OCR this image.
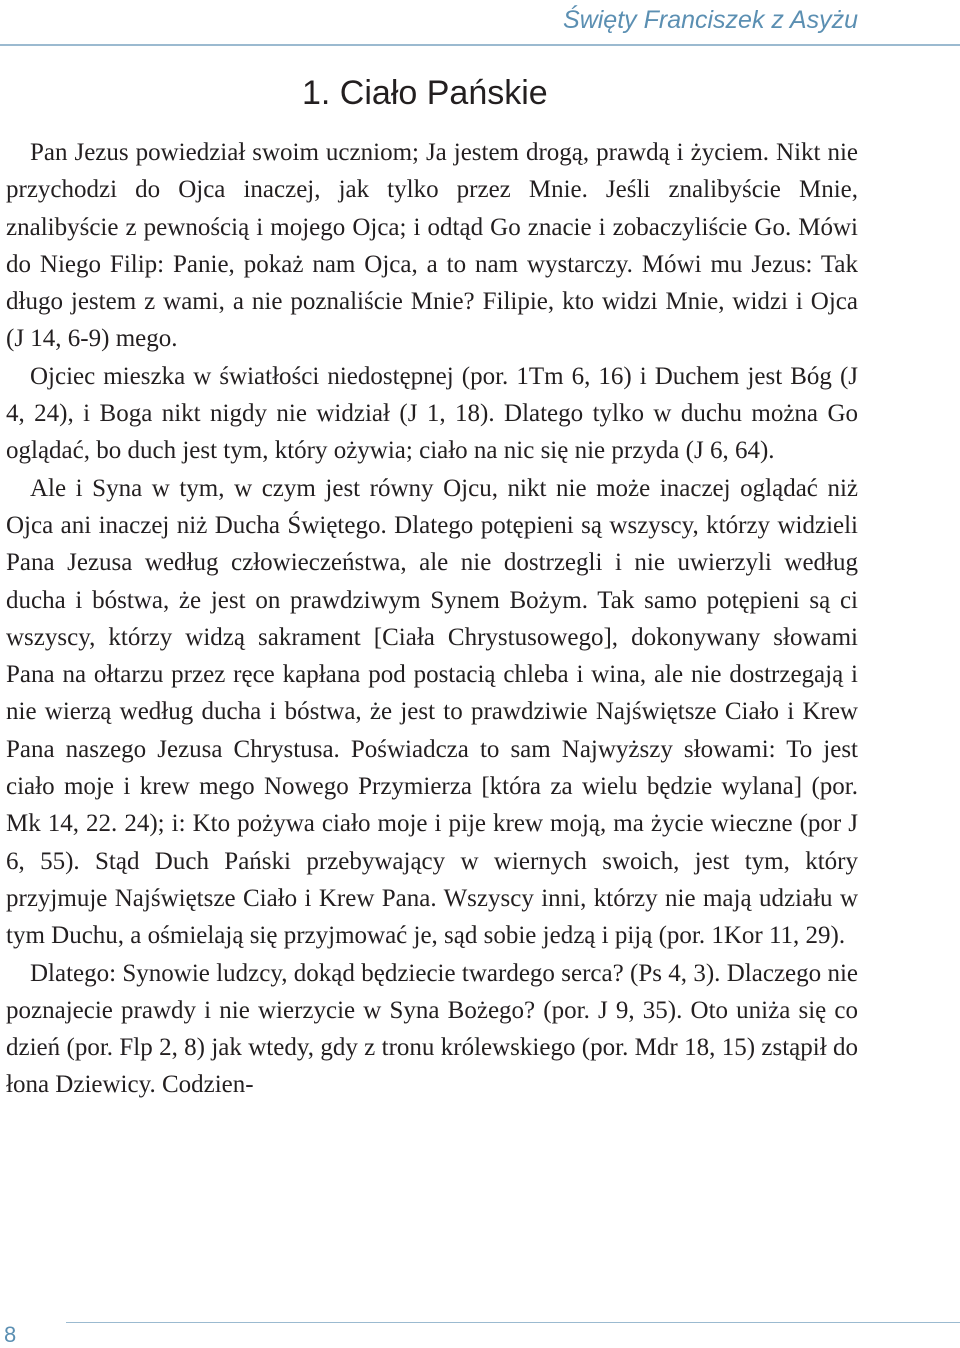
Święty Franciszek z Asyżu
1. Ciało Pańskie

Pan Jezus powiedział swoim uczniom; Ja jestem drogą, prawdą i życiem. Nikt nie przychodzi do Ojca inaczej, jak tylko przez Mnie. Jeśli znalibyście Mnie, znalibyście z pewnością i mojego Ojca; i odtąd Go znacie i zobaczyliście Go. Mówi do Niego Filip: Panie, pokaż nam Ojca, a to nam wystarczy. Mówi mu Jezus: Tak długo jestem z wami, a nie poznaliście Mnie? Filipie, kto widzi Mnie, widzi i Ojca (J 14, 6-9) mego.

Ojciec mieszka w światłości niedostępnej (por. 1Tm 6, 16) i Duchem jest Bóg (J 4, 24), i Boga nikt nigdy nie widział (J 1, 18). Dlatego tylko w duchu można Go oglądać, bo duch jest tym, który ożywia; ciało na nic się nie przyda (J 6, 64).

Ale i Syna w tym, w czym jest równy Ojcu, nikt nie może inaczej oglądać niż Ojca ani inaczej niż Ducha Świętego. Dlatego potępieni są wszyscy, którzy widzieli Pana Jezusa według człowieczeństwa, ale nie dostrzegli i nie uwierzyli według ducha i bóstwa, że jest on prawdziwym Synem Bożym. Tak samo potępieni są ci wszyscy, którzy widzą sakrament [Ciała Chrystusowego], dokonywany słowami Pana na ołtarzu przez ręce kapłana pod postacią chleba i wina, ale nie dostrzegają i nie wierzą według ducha i bóstwa, że jest to prawdziwie Najświętsze Ciało i Krew Pana naszego Jezusa Chrystusa. Poświadcza to sam Najwyższy słowami: To jest ciało moje i krew mego Nowego Przymierza [która za wielu będzie wylana] (por. Mk 14, 22. 24); i: Kto pożywa ciało moje i pije krew moją, ma życie wieczne (por J 6, 55). Stąd Duch Pański przebywający w wiernych swoich, jest tym, który przyjmuje Najświętsze Ciało i Krew Pana. Wszyscy inni, którzy nie mają udziału w tym Duchu, a ośmielają się przyjmować je, sąd sobie jedzą i piją (por. 1Kor 11, 29).

Dlatego: Synowie ludzcy, dokąd będziecie twardego serca? (Ps 4, 3). Dlaczego nie poznajecie prawdy i nie wierzycie w Syna Bożego? (por. J 9, 35). Oto uniża się co dzień (por. Flp 2, 8) jak wtedy, gdy z tronu królewskiego (por. Mdr 18, 15) zstąpił do łona Dziewicy. Codzien-

8
